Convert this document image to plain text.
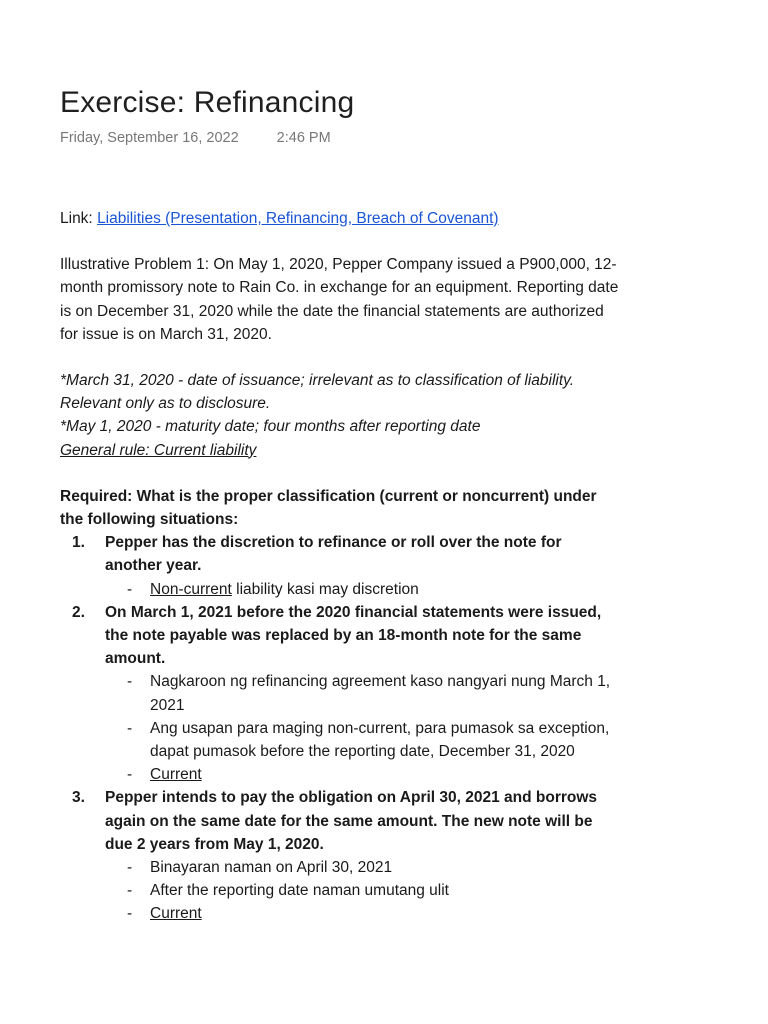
Exercise: Refinancing
Friday, September 16, 2022	2:46 PM
Link: Liabilities (Presentation, Refinancing, Breach of Covenant)
Illustrative Problem 1: On May 1, 2020, Pepper Company issued a P900,000, 12-month promissory note to Rain Co. in exchange for an equipment. Reporting date is on December 31, 2020 while the date the financial statements are authorized for issue is on March 31, 2020.
*March 31, 2020 - date of issuance; irrelevant as to classification of liability. Relevant only as to disclosure.
*May 1, 2020 - maturity date; four months after reporting date
General rule: Current liability
Required: What is the proper classification (current or noncurrent) under the following situations:
1. Pepper has the discretion to refinance or roll over the note for another year.
- Non-current liability kasi may discretion
2. On March 1, 2021 before the 2020 financial statements were issued, the note payable was replaced by an 18-month note for the same amount.
- Nagkaroon ng refinancing agreement kaso nangyari nung March 1, 2021
- Ang usapan para maging non-current, para pumasok sa exception, dapat pumasok before the reporting date, December 31, 2020
- Current
3. Pepper intends to pay the obligation on April 30, 2021 and borrows again on the same date for the same amount. The new note will be due 2 years from May 1, 2020.
- Binayaran naman on April 30, 2021
- After the reporting date naman umutang ulit
- Current
